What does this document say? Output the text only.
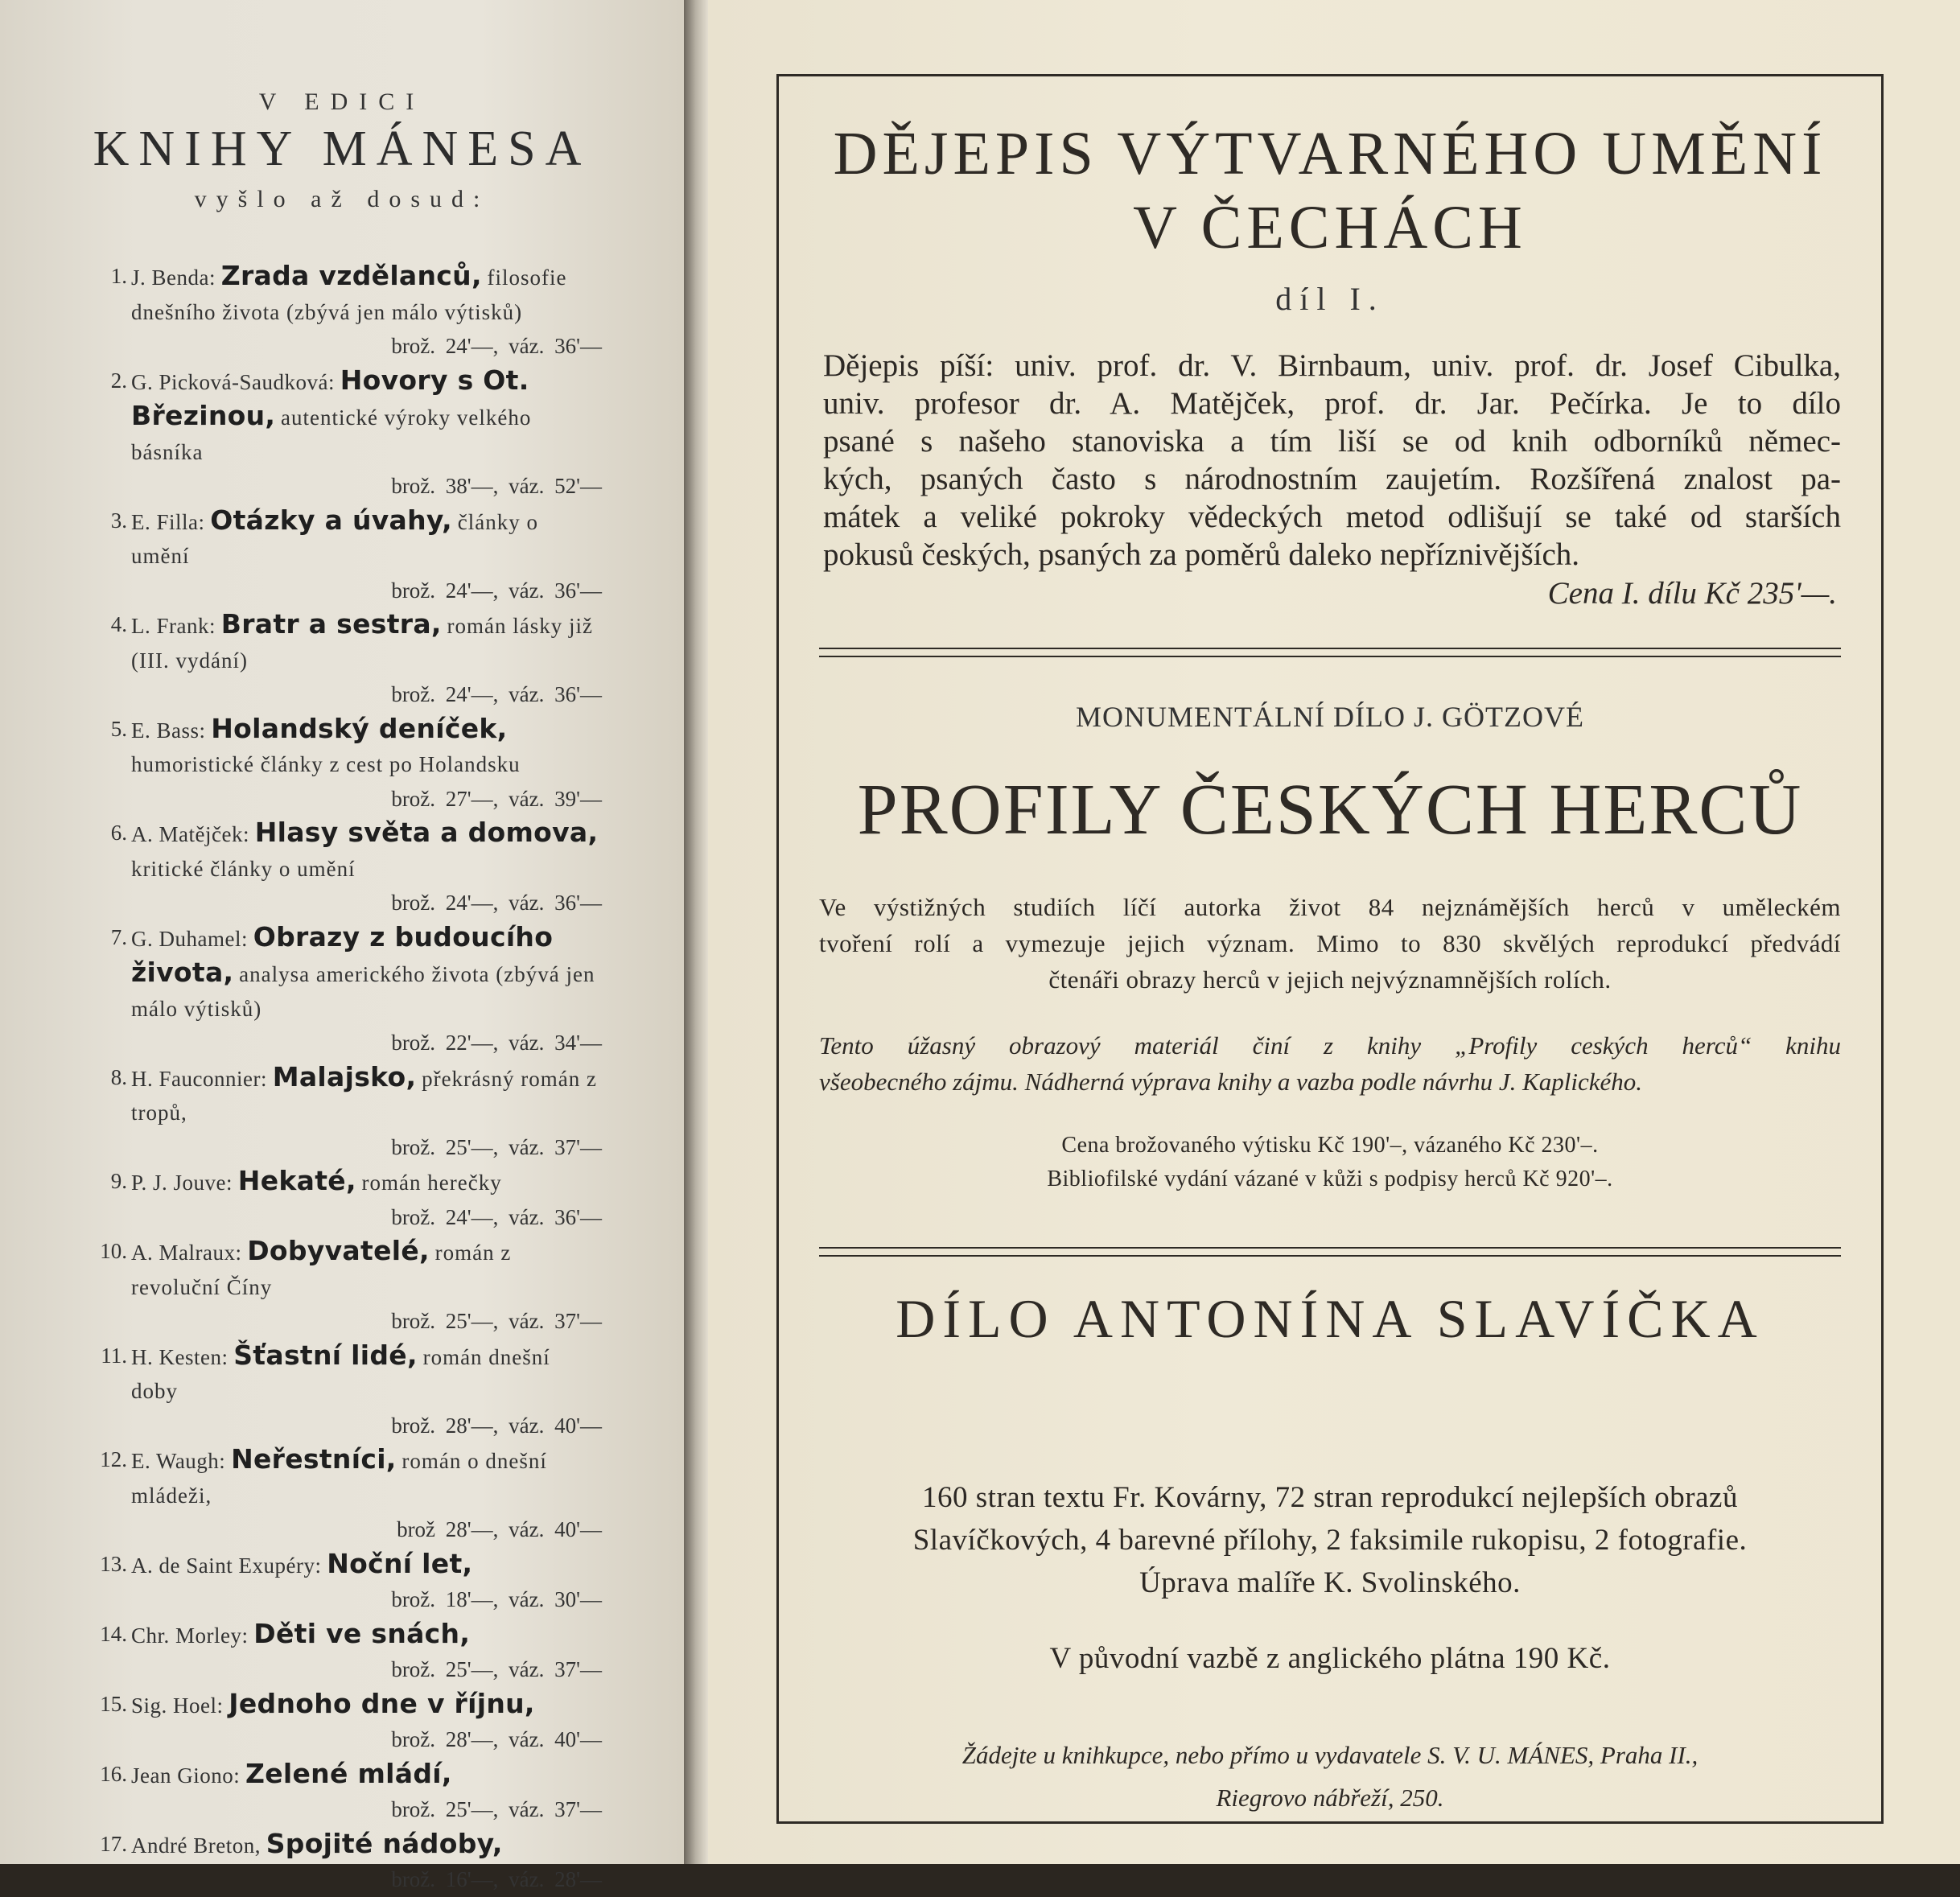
V EDICI
KNIHY MÁNESA
vyšlo až dosud:
1. J. Benda: Zrada vzdělanců, filosofie dnešního života (zbývá jen málo výtisků)
brož. 24'—, váz. 36'—
2. G. Picková-Saudková: Hovory s Ot. Březinou, autentické výroky velkého básníka
brož. 38'—, váz. 52'—
3. E. Filla: Otázky a úvahy, články o umění
brož. 24'—, váz. 36'—
4. L. Frank: Bratr a sestra, román lásky již (III. vydání)
brož. 24'—, váz. 36'—
5. E. Bass: Holandský deníček, humoristické články z cest po Holandsku
brož. 27'—, váz. 39'—
6. A. Matějček: Hlasy světa a domova, kritické články o umění
brož. 24'—, váz. 36'—
7. G. Duhamel: Obrazy z budoucího života, analysa amerického života (zbývá jen málo výtisků)
brož. 22'—, váz. 34'—
8. H. Fauconnier: Malajsko, překrásný román z tropů,
brož. 25'—, váz. 37'—
9. P. J. Jouve: Hekaté, román herečky
brož. 24'—, váz. 36'—
10. A. Malraux: Dobyvatelé, román z revoluční Číny
brož. 25'—, váz. 37'—
11. H. Kesten: Šťastní lidé, román dnešní doby
brož. 28'—, váz. 40'—
12. E. Waugh: Neřestníci, román o dnešní mládeži,
brož 28'—, váz. 40'—
13. A. de Saint Exupéry: Noční let,
brož. 18'—, váz. 30'—
14. Chr. Morley: Děti ve snách,
brož. 25'—, váz. 37'—
15. Sig. Hoel: Jednoho dne v říjnu,
brož. 28'—, váz. 40'—
16. Jean Giono: Zelené mládí,
brož. 25'—, váz. 37'—
17. André Breton, Spojité nádoby,
brož. 16'—, váz. 28'—
DĚJEPIS VÝTVARNÉHO UMĚNÍ
V ČECHÁCH
díl I.

Dějepis píší: univ. prof. dr. V. Birnbaum, univ. prof. dr. Josef Cibulka,

univ. profesor dr. A. Matějček, prof. dr. Jar. Pečírka. Je to dílo

psané s našeho stanoviska a tím liší se od knih odborníků němec-

kých, psaných často s národnostním zaujetím. Rozšířená znalost pa-

mátek a veliké pokroky vědeckých metod odlišují se také od starších

pokusů českých, psaných za poměrů daleko nepříznivějších.

Cena I. dílu Kč 235'—.
MONUMENTÁLNÍ DÍLO J. GÖTZOVÉ
PROFILY ČESKÝCH HERCŮ

Ve výstižných studiích líčí autorka život 84 nejznámějších herců v uměleckém

tvoření rolí a vymezuje jejich význam. Mimo to 830 skvělých reprodukcí předvádí

čtenáři obrazy herců v jejich nejvýznamnějších rolích.

Tento úžasný obrazový materiál činí z knihy „Profily ceských herců“ knihu

všeobecného zájmu. Nádherná výprava knihy a vazba podle návrhu J. Kaplického.

Cena brožovaného výtisku Kč 190'–, vázaného Kč 230'–.

Bibliofilské vydání vázané v kůži s podpisy herců Kč 920'–.

DÍLO ANTONÍNA SLAVÍČKA

160 stran textu Fr. Kovárny, 72 stran reprodukcí nejlepších obrazů

Slavíčkových, 4 barevné přílohy, 2 faksimile rukopisu, 2 fotografie.

Úprava malíře K. Svolinského.

V původní vazbě z anglického plátna 190 Kč.

Žádejte u knihkupce, nebo přímo u vydavatele S. V. U. MÁNES, Praha II.,

Riegrovo nábřeží, 250.
